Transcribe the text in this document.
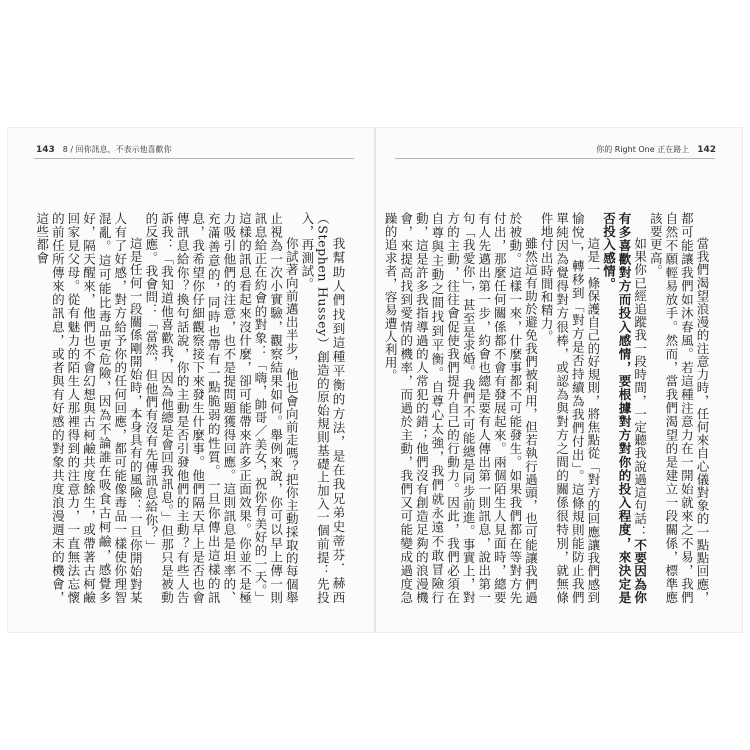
143 8 / 回你訊息，不表示他喜歡你

我幫助人們找到這種平衡的方法，是在我兄弟史蒂芬．赫西（Stephen Hussey）創造的原始規則基礎上加入一個前提：先投入，再測試。

你試著向前邁出半步，他也會向前走嗎？把你主動採取的每個舉止視為一次小實驗，觀察結果如何。舉例來說，你可以早上傳一則訊息給正在約會的對象：「嗨，帥哥／美女，祝你有美好的一天。」這樣的訊息看起來沒什麼，卻可能帶來許多正面效果。你並不是極力吸引他們的注意，也不是提問題獲得回應。這則訊息是坦率的、充滿善意的，同時也帶有一點脆弱的性質。一旦你傳出這樣的訊息，我希望你仔細觀察接下來發生什麼事。他們隔天早上是否也會傳訊息給你？換句話說，你的主動是否引發他們的主動？有些人告訴我：「我知道他喜歡我，因為他總是會回我訊息。」但那只是被動的反應。我會問：「當然，但他們有沒有先傳訊息給你？」

這是任何一段關係剛開始時，本身具有的風險：一旦你開始對某人有了好感，對方給予你的任何回應，都可能像毒品一樣使你理智混亂。這可能比毒品更危險，因為不論誰在吸食古柯鹼，感覺多好，隔天醒來，他們也不會幻想與古柯鹼共度餘生，或帶著古柯鹼回家見父母。從有魅力的陌生人那裡得到的注意力，一直無法忘懷的前任所傳來的訊息，或者與有好感的對象共度浪漫週末的機會，這些都會

你的 Right One 正在路上 142

當我們渴望浪漫的注意力時，任何來自心儀對象的一點點回應，都可能讓我們如沐春風。若這種注意力在一開始就來之不易，我們自然不願輕易放手。然而，當我們渴望的是建立一段關係，標準應該要更高。

如果你已經追蹤我一段時間，一定聽我說過這句話：不要因為你有多喜歡對方而投入感情，要根據對方對你的投入程度，來決定是否投入感情。

這是一條保護自己的好規則，將焦點從「對方的回應讓我們感到愉悅」，轉移到「對方是否持續為我們付出」。這條規則能防止我們單純因為覺得對方很棒，或認為與對方之間的關係很特別，就無條件地付出時間和精力。

雖然這有助於避免我們被利用，但若執行過頭，也可能讓我們過於被動。這樣一來，什麼事都不可能發生。如果我們都在等對方先付出，那麼任何關係都不會有發展起來。兩個陌生人見面時，總要有人先邁出第一步，約會也總是要有人傳出第一則訊息，說出第一句「我愛你」，甚至是求婚。我們不可能總是同步前進。事實上，對方的主動，往往會促使我們提升自己的行動力。因此，我們必須在自尊與主動之間找到平衡。自尊心太強，我們就永遠不敢冒險行動，這是許多我指導過的人常犯的錯；他們沒有創造足夠的浪漫機會，來提高找到愛情的機率，而過於主動，我們又可能變成過度急躁的追求者，容易遭人利用。
